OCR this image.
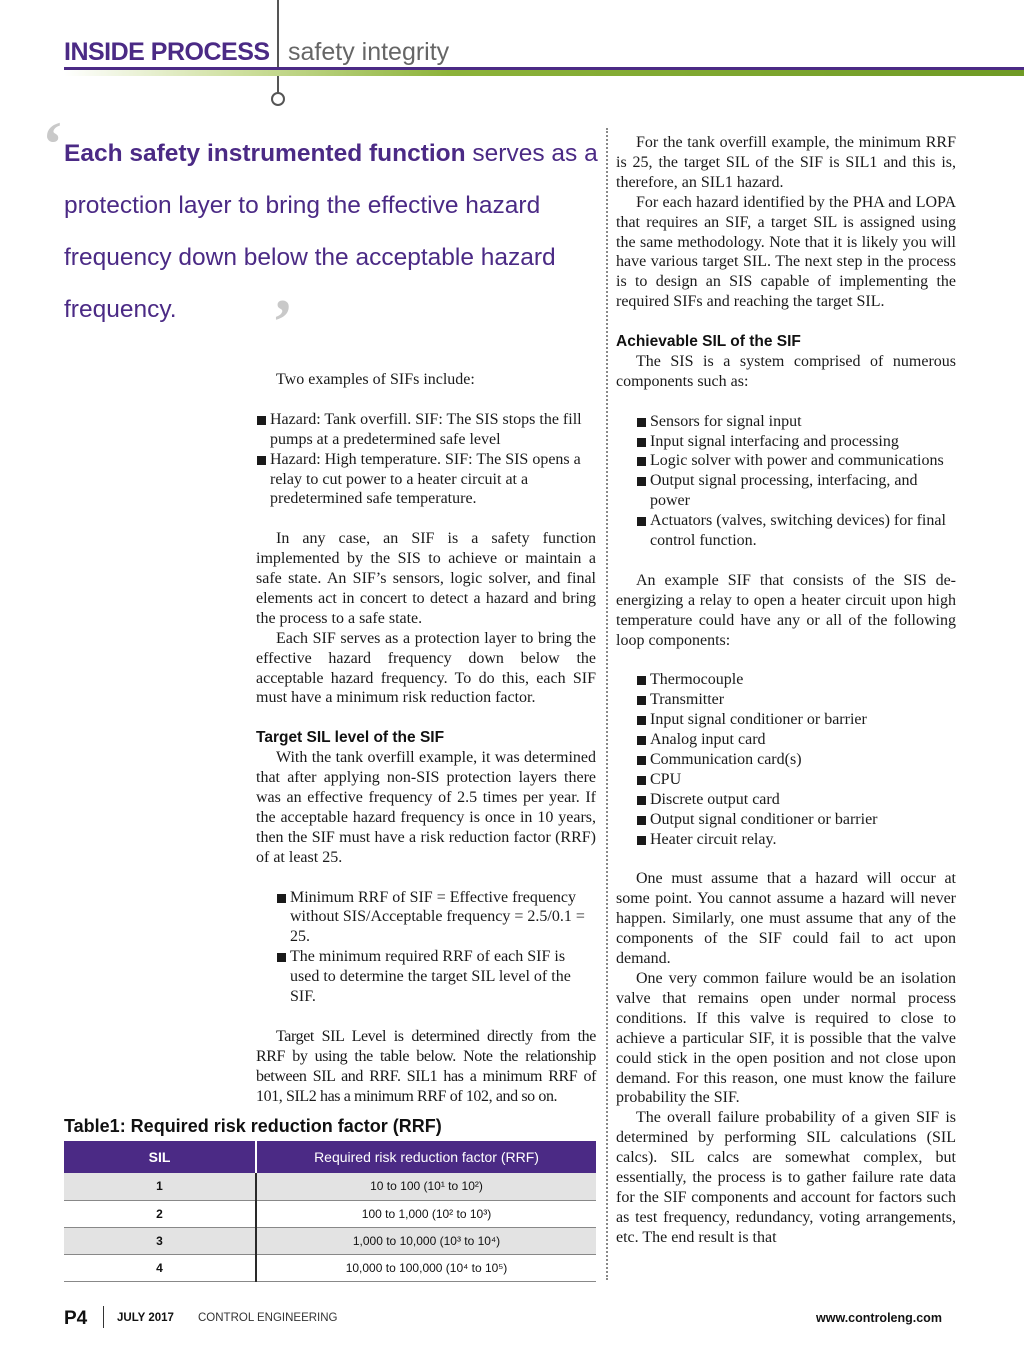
INSIDE PROCESS safety integrity
‘ Each safety instrumented function serves as a protection layer to bring the effective hazard frequency down below the acceptable hazard frequency.	’

Two examples of SIFs include:

Hazard: Tank overfill. SIF: The SIS stops the fill pumps at a predetermined safe level
Hazard: High temperature. SIF: The SIS opens a relay to cut power to a heater circuit at a predetermined safe temperature.

In any case, an SIF is a safety function implemented by the SIS to achieve or maintain a safe state. An SIF’s sensors, logic solver, and final elements act in concert to detect a hazard and bring the process to a safe state.

Each SIF serves as a protection layer to bring the effective hazard frequency down below the acceptable hazard frequency. To do this, each SIF must have a minimum risk reduction factor.

Target SIL level of the SIF

With the tank overfill example, it was determined that after applying non-SIS protection layers there was an effective frequency of 2.5 times per year. If the acceptable hazard frequency is once in 10 years, then the SIF must have a risk reduction factor (RRF) of at least 25.

Minimum RRF of SIF = Effective frequency without SIS/Acceptable frequency = 2.5/0.1 = 25.
The minimum required RRF of each SIF is used to determine the target SIL level of the SIF.

Target SIL Level is determined directly from the RRF by using the table below. Note the relationship between SIL and RRF. SIL1 has a minimum RRF of 101, SIL2 has a minimum RRF of 102, and so on.

For the tank overfill example, the minimum RRF is 25, the target SIL of the SIF is SIL1 and this is, therefore, an SIL1 hazard.

For each hazard identified by the PHA and LOPA that requires an SIF, a target SIL is assigned using the same methodology. Note that it is likely you will have various target SIL. The next step in the process is to design an SIS capable of implementing the required SIFs and reaching the target SIL.

Achievable SIL of the SIF

The SIS is a system comprised of numerous components such as:

Sensors for signal input
Input signal interfacing and processing
Logic solver with power and communications
Output signal processing, interfacing, and power
Actuators (valves, switching devices) for final control function.

An example SIF that consists of the SIS de-energizing a relay to open a heater circuit upon high temperature could have any or all of the following loop components:

Thermocouple
Transmitter
Input signal conditioner or barrier
Analog input card
Communication card(s)
CPU
Discrete output card
Output signal conditioner or barrier
Heater circuit relay.

One must assume that a hazard will occur at some point. You cannot assume a hazard will never happen. Similarly, one must assume that any of the components of the SIF could fail to act upon demand.

One very common failure would be an isolation valve that remains open under normal process conditions. If this valve is required to close to achieve a particular SIF, it is possible that the valve could stick in the open position and not close upon demand. For this reason, one must know the failure probability the SIF.

The overall failure probability of a given SIF is determined by performing SIL calculations (SIL calcs). SIL calcs are somewhat complex, but essentially, the process is to gather failure rate data for the SIF components and account for factors such as test frequency, redundancy, voting arrangements, etc. The end result is that

Table1: Required risk reduction factor (RRF)
SIL	Required risk reduction factor (RRF)
1	10 to 100 (10¹ to 10²)
2	100 to 1,000 (10² to 10³)
3	1,000 to 10,000 (10³ to 10⁴)
4	10,000 to 100,000 (10⁴ to 10⁵)
P4	JULY 2017 CONTROL ENGINEERING	www.controleng.com
